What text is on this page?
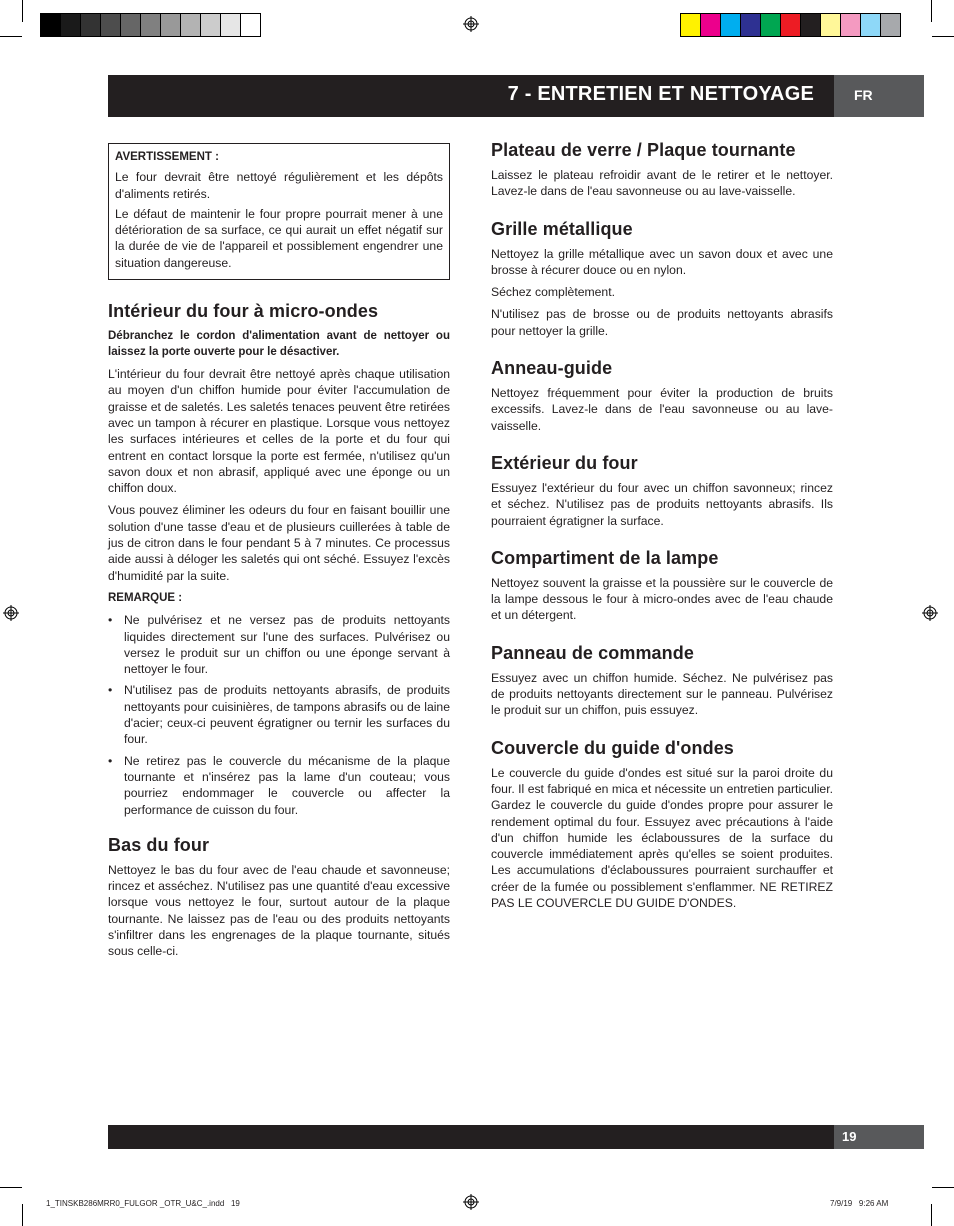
7 - ENTRETIEN ET NETTOYAGE	FR
AVERTISSEMENT :

Le four devrait être nettoyé régulièrement et les dépôts d'aliments retirés.

Le défaut de maintenir le four propre pourrait mener à une détérioration de sa surface, ce qui aurait un effet négatif sur la durée de vie de l'appareil et possiblement engendrer une situation dangereuse.

Intérieur du four à micro-ondes

Débranchez le cordon d'alimentation avant de nettoyer ou laissez la porte ouverte pour le désactiver.

L'intérieur du four devrait être nettoyé après chaque utilisation au moyen d'un chiffon humide pour éviter l'accumulation de graisse et de saletés. Les saletés tenaces peuvent être retirées avec un tampon à récurer en plastique. Lorsque vous nettoyez les surfaces intérieures et celles de la porte et du four qui entrent en contact lorsque la porte est fermée, n'utilisez qu'un savon doux et non abrasif, appliqué avec une éponge ou un chiffon doux.

Vous pouvez éliminer les odeurs du four en faisant bouillir une solution d'une tasse d'eau et de plusieurs cuillerées à table de jus de citron dans le four pendant 5 à 7 minutes. Ce processus aide aussi à déloger les saletés qui ont séché. Essuyez l'excès d'humidité par la suite.

REMARQUE :

• Ne pulvérisez et ne versez pas de produits nettoyants liquides directement sur l'une des surfaces. Pulvérisez ou versez le produit sur un chiffon ou une éponge servant à nettoyer le four.
• N'utilisez pas de produits nettoyants abrasifs, de produits nettoyants pour cuisinières, de tampons abrasifs ou de laine d'acier; ceux-ci peuvent égratigner ou ternir les surfaces du four.
• Ne retirez pas le couvercle du mécanisme de la plaque tournante et n'insérez pas la lame d'un couteau; vous pourriez endommager le couvercle ou affecter la performance de cuisson du four.
Bas du four

Nettoyez le bas du four avec de l'eau chaude et savonneuse; rincez et asséchez. N'utilisez pas une quantité d'eau excessive lorsque vous nettoyez le four, surtout autour de la plaque tournante. Ne laissez pas de l'eau ou des produits nettoyants s'infiltrer dans les engrenages de la plaque tournante, situés sous celle-ci.

Plateau de verre / Plaque tournante

Laissez le plateau refroidir avant de le retirer et le nettoyer. Lavez-le dans de l'eau savonneuse ou au lave-vaisselle.

Grille métallique

Nettoyez la grille métallique avec un savon doux et avec une brosse à récurer douce ou en nylon.

Séchez complètement.

N'utilisez pas de brosse ou de produits nettoyants abrasifs pour nettoyer la grille.

Anneau-guide

Nettoyez fréquemment pour éviter la production de bruits excessifs. Lavez-le dans de l'eau savonneuse ou au lave-vaisselle.

Extérieur du four

Essuyez l'extérieur du four avec un chiffon savonneux; rincez et séchez. N'utilisez pas de produits nettoyants abrasifs. Ils pourraient égratigner la surface.

Compartiment de la lampe

Nettoyez souvent la graisse et la poussière sur le couvercle de la lampe dessous le four à micro-ondes avec de l'eau chaude et un détergent.

Panneau de commande

Essuyez avec un chiffon humide. Séchez. Ne pulvérisez pas de produits nettoyants directement sur le panneau. Pulvérisez le produit sur un chiffon, puis essuyez.

Couvercle du guide d'ondes

Le couvercle du guide d'ondes est situé sur la paroi droite du four. Il est fabriqué en mica et nécessite un entretien particulier. Gardez le couvercle du guide d'ondes propre pour assurer le rendement optimal du four. Essuyez avec précautions à l'aide d'un chiffon humide les éclaboussures de la surface du couvercle immédiatement après qu'elles se soient produites. Les accumulations d'éclaboussures pourraient surchauffer et créer de la fumée ou possiblement s'enflammer. NE RETIREZ PAS LE COUVERCLE DU GUIDE D'ONDES.

19
1_TINSKB286MRR0_FULGOR _OTR_U&C_.indd   19	7/9/19   9:26 AM
